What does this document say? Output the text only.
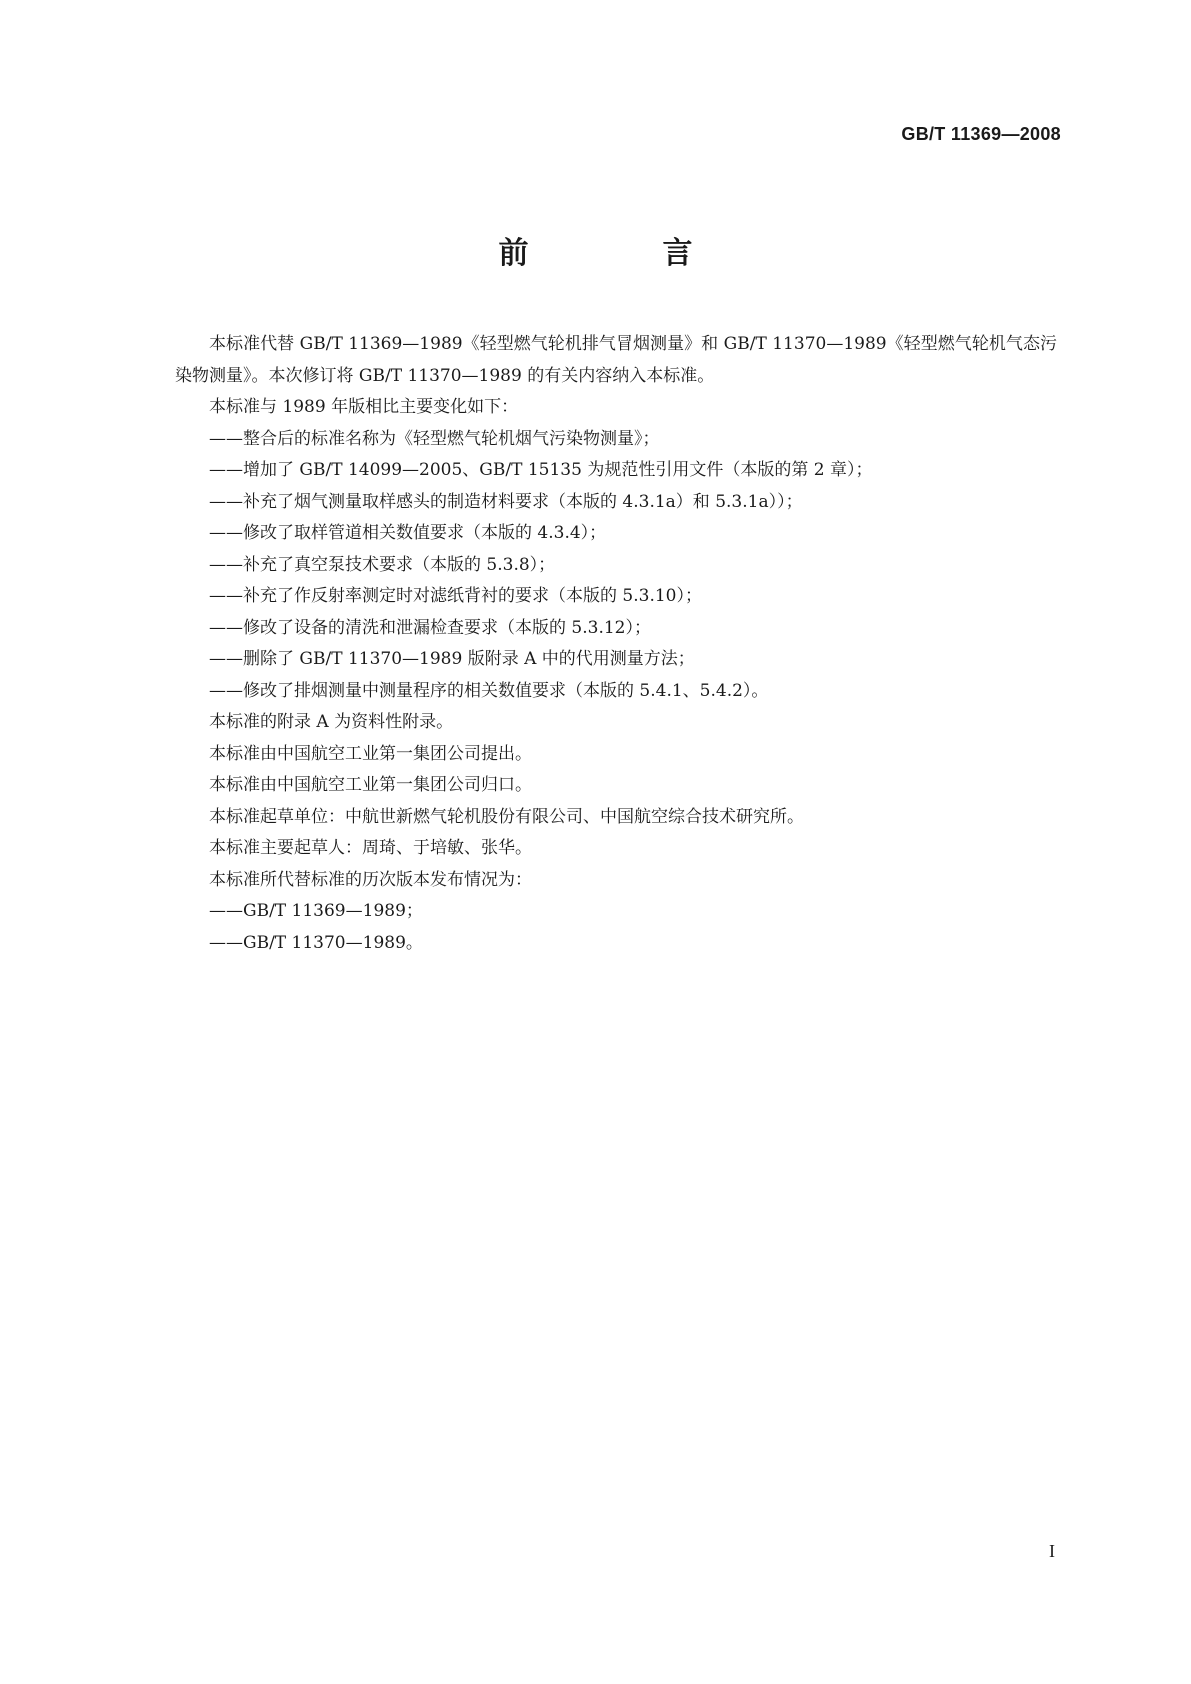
GB/T 11369—2008
前　言

本标准代替 GB/T 11369—1989《轻型燃气轮机排气冒烟测量》和 GB/T 11370—1989《轻型燃气轮机气态污染物测量》。本次修订将 GB/T 11370—1989 的有关内容纳入本标准。

本标准与 1989 年版相比主要变化如下：

——整合后的标准名称为《轻型燃气轮机烟气污染物测量》；

——增加了 GB/T 14099—2005、GB/T 15135 为规范性引用文件（本版的第 2 章）；

——补充了烟气测量取样感头的制造材料要求（本版的 4.3.1a）和 5.3.1a））；

——修改了取样管道相关数值要求（本版的 4.3.4）；

——补充了真空泵技术要求（本版的 5.3.8）；

——补充了作反射率测定时对滤纸背衬的要求（本版的 5.3.10）；

——修改了设备的清洗和泄漏检查要求（本版的 5.3.12）；

——删除了 GB/T 11370—1989 版附录 A 中的代用测量方法；

——修改了排烟测量中测量程序的相关数值要求（本版的 5.4.1、5.4.2）。

本标准的附录 A 为资料性附录。

本标准由中国航空工业第一集团公司提出。

本标准由中国航空工业第一集团公司归口。

本标准起草单位：中航世新燃气轮机股份有限公司、中国航空综合技术研究所。

本标准主要起草人：周琦、于培敏、张华。

本标准所代替标准的历次版本发布情况为：

——GB/T 11369—1989；

——GB/T 11370—1989。

I
